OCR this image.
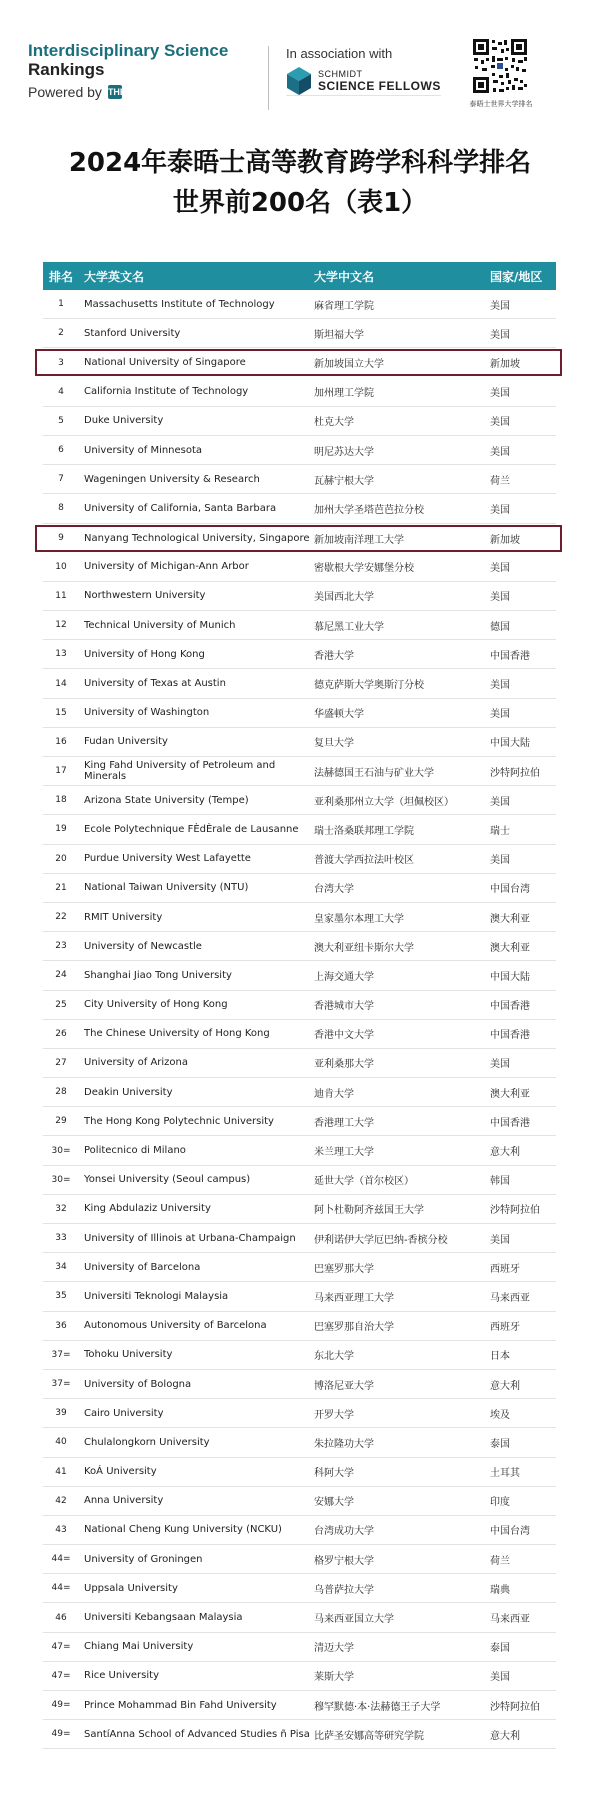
Interdisciplinary Science
Rankings
Powered by THE
In association with
SCHMIDT
SCIENCE FELLOWS
泰晤士世界大学排名
2024年泰晤士高等教育跨学科科学排名
世界前200名（表1）
排名 大学英文名	大学中文名	国家/地区
1	Massachusetts Institute of Technology	麻省理工学院	美国
2	Stanford University	斯坦福大学	美国
3	National University of Singapore	新加坡国立大学	新加坡
4	California Institute of Technology	加州理工学院	美国
5	Duke University	杜克大学	美国
6	University of Minnesota	明尼苏达大学	美国
7	Wageningen University & Research	瓦赫宁根大学	荷兰
8	University of California, Santa Barbara	加州大学圣塔芭芭拉分校	美国
9	Nanyang Technological University, Singapore 新加坡南洋理工大学	新加坡
10	University of Michigan-Ann Arbor	密歇根大学安娜堡分校	美国
11	Northwestern University	美国西北大学	美国
12	Technical University of Munich	慕尼黑工业大学	德国
13	University of Hong Kong	香港大学	中国香港
14	University of Texas at Austin	德克萨斯大学奥斯汀分校	美国
15	University of Washington	华盛顿大学	美国
16	Fudan University	复旦大学	中国大陆
17	King Fahd University of Petroleum and Minerals	法赫德国王石油与矿业大学	沙特阿拉伯
18	Arizona State University (Tempe)	亚利桑那州立大学（坦佩校区）	美国
19	Ecole Polytechnique FÈdÈrale de Lausanne	瑞士洛桑联邦理工学院	瑞士
20	Purdue University West Lafayette	普渡大学西拉法叶校区	美国
21	National Taiwan University (NTU)	台湾大学	中国台湾
22	RMIT University	皇家墨尔本理工大学	澳大利亚
23	University of Newcastle	澳大利亚纽卡斯尔大学	澳大利亚
24	Shanghai Jiao Tong University	上海交通大学	中国大陆
25	City University of Hong Kong	香港城市大学	中国香港
26	The Chinese University of Hong Kong	香港中文大学	中国香港
27	University of Arizona	亚利桑那大学	美国
28	Deakin University	迪肯大学	澳大利亚
29	The Hong Kong Polytechnic University	香港理工大学	中国香港
30=	Politecnico di Milano	米兰理工大学	意大利
30=	Yonsei University (Seoul campus)	延世大学（首尔校区）	韩国
32	King Abdulaziz University	阿卜杜勒阿齐兹国王大学	沙特阿拉伯
33	University of Illinois at Urbana-Champaign	伊利诺伊大学厄巴纳-香槟分校	美国
34	University of Barcelona	巴塞罗那大学	西班牙
35	Universiti Teknologi Malaysia	马来西亚理工大学	马来西亚
36	Autonomous University of Barcelona	巴塞罗那自治大学	西班牙
37=	Tohoku University	东北大学	日本
37=	University of Bologna	博洛尼亚大学	意大利
39	Cairo University	开罗大学	埃及
40	Chulalongkorn University	朱拉隆功大学	泰国
41	KoÁ University	科阿大学	土耳其
42	Anna University	安娜大学	印度
43	National Cheng Kung University (NCKU)	台湾成功大学	中国台湾
44=	University of Groningen	格罗宁根大学	荷兰
44=	Uppsala University	乌普萨拉大学	瑞典
46	Universiti Kebangsaan Malaysia	马来西亚国立大学	马来西亚
47=	Chiang Mai University	清迈大学	泰国
47=	Rice University	莱斯大学	美国
49=	Prince Mohammad Bin Fahd University	穆罕默德·本·法赫德王子大学	沙特阿拉伯
49=	SantíAnna School of Advanced Studies ñ Pisa 比萨圣安娜高等研究学院	意大利
